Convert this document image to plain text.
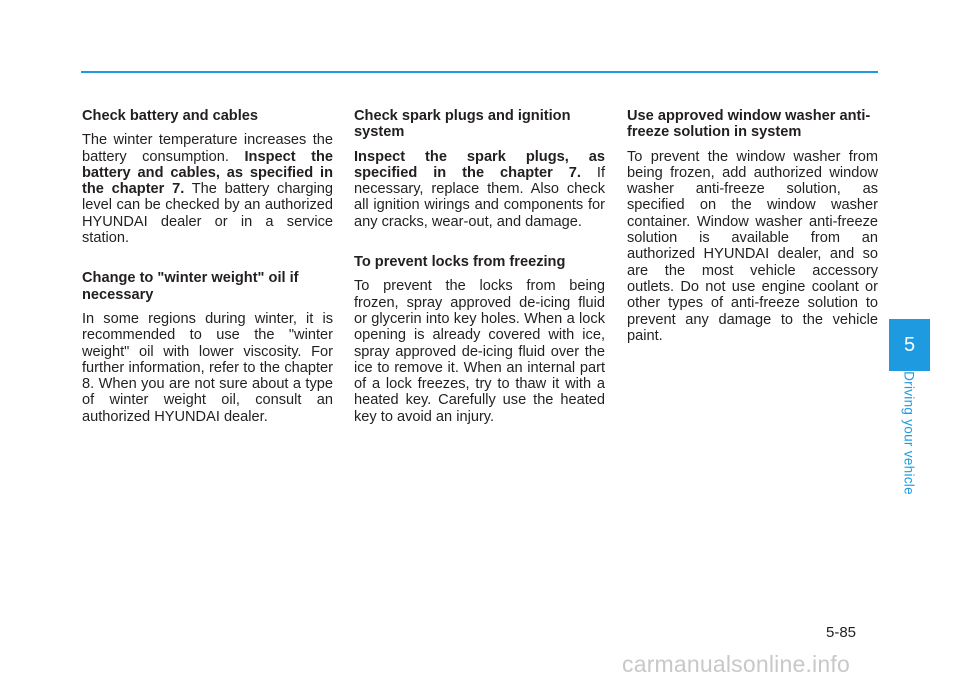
Check battery and cables

The winter temperature increases the battery consumption. Inspect the battery and cables, as specified in the chapter 7. The battery charging level can be checked by an authorized HYUNDAI dealer or in a service station.

Change to "winter weight" oil if necessary

In some regions during winter, it is recommended to use the "winter weight" oil with lower viscosity. For further information, refer to the chapter 8. When you are not sure about a type of winter weight oil, consult an authorized HYUNDAI dealer.

Check spark plugs and ignition system

Inspect the spark plugs, as specified in the chapter 7. If necessary, replace them. Also check all ignition wirings and components for any cracks, wear-out, and damage.

To prevent locks from freezing

To prevent the locks from being frozen, spray approved de-icing fluid or glycerin into key holes. When a lock opening is already covered with ice, spray approved de-icing fluid over the ice to remove it. When an internal part of a lock freezes, try to thaw it with a heated key. Carefully use the heated key to avoid an injury.

Use approved window washer anti-freeze solution in system

To prevent the window washer from being frozen, add authorized window washer anti-freeze solution, as specified on the window washer container. Window washer anti-freeze solution is available from an authorized HYUNDAI dealer, and so are the most vehicle accessory outlets. Do not use engine coolant or other types of anti-freeze solution to prevent any damage to the vehicle paint.	5
Driving your vehicle
5-85
carmanualsonline.info
